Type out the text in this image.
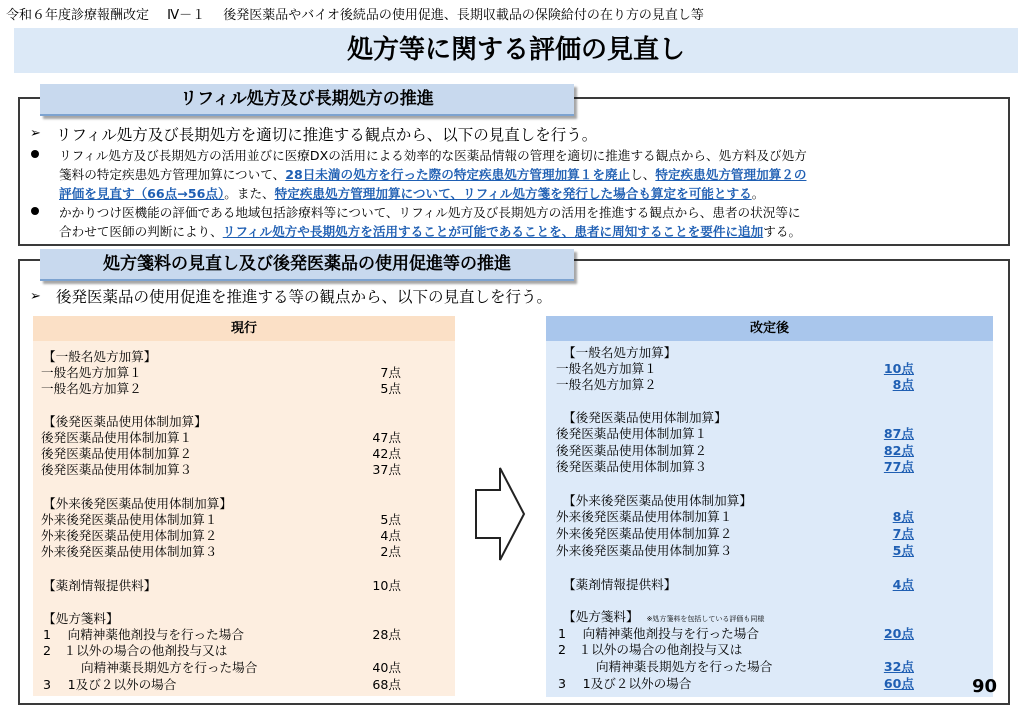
令和６年度診療報酬改定 Ⅳ－１ 後発医薬品やバイオ後続品の使用促進、長期収載品の保険給付の在り方の見直し等
処方等に関する評価の見直し
リフィル処方及び長期処方の推進
➢ リフィル処方及び長期処方を適切に推進する観点から、以下の見直しを行う。
リフィル処方及び長期処方の活用並びに医療DXの活用による効率的な医薬品情報の管理を適切に推進する観点から、処方料及び処方
箋料の特定疾患処方管理加算について、28日未満の処方を行った際の特定疾患処方管理加算１を廃止し、特定疾患処方管理加算２の
評価を見直す（66点→56点）。また、特定疾患処方管理加算について、リフィル処方箋を発行した場合も算定を可能とする。
かかりつけ医機能の評価である地域包括診療料等について、リフィル処方及び長期処方の活用を推進する観点から、患者の状況等に
合わせて医師の判断により、リフィル処方や長期処方を活用することが可能であることを、患者に周知することを要件に追加する。
処方箋料の見直し及び後発医薬品の使用促進等の推進
➢ 後発医薬品の使用促進を推進する等の観点から、以下の見直しを行う。
現行
【一般名処方加算】
一般名処方加算１	7点
一般名処方加算２	5点
【後発医薬品使用体制加算】
後発医薬品使用体制加算１	47点
後発医薬品使用体制加算２	42点
後発医薬品使用体制加算３	37点
【外来後発医薬品使用体制加算】
外来後発医薬品使用体制加算１	5点
外来後発医薬品使用体制加算２	4点
外来後発医薬品使用体制加算３	2点
【薬剤情報提供料】	10点
【処方箋料】
1　 向精神薬他剤投与を行った場合	28点
2　１以外の場合の他剤投与又は
向精神薬長期処方を行った場合	40点
3　 1及び２以外の場合	68点
改定後
【一般名処方加算】
一般名処方加算１	10点
一般名処方加算２	8点
【後発医薬品使用体制加算】
後発医薬品使用体制加算１	87点
後発医薬品使用体制加算２	82点
後発医薬品使用体制加算３	77点
【外来後発医薬品使用体制加算】
外来後発医薬品使用体制加算１	8点
外来後発医薬品使用体制加算２	7点
外来後発医薬品使用体制加算３	5点
【薬剤情報提供料】	4点
【処方箋料】 ※処方箋料を包括している評価も同様
1　 向精神薬他剤投与を行った場合	20点
2　１以外の場合の他剤投与又は
向精神薬長期処方を行った場合	32点
3　 1及び２以外の場合	60点	90
